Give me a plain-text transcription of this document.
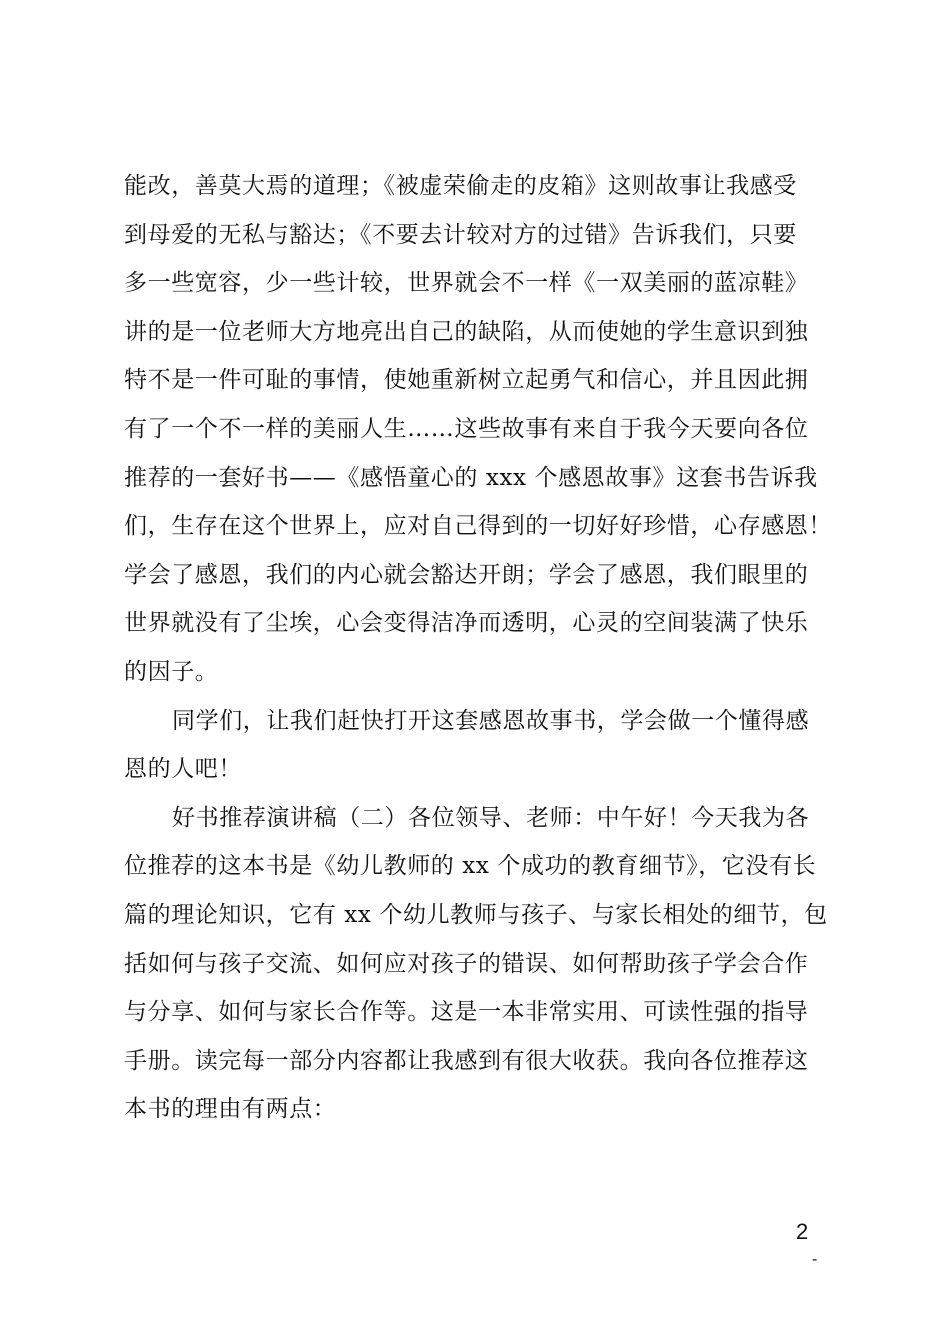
能改，善莫大焉的道理；《被虚荣偷走的皮箱》这则故事让我感受
到母爱的无私与豁达；《不要去计较对方的过错》告诉我们，只要
多一些宽容，少一些计较，世界就会不一样《一双美丽的蓝凉鞋》
讲的是一位老师大方地亮出自己的缺陷，从而使她的学生意识到独
特不是一件可耻的事情，使她重新树立起勇气和信心，并且因此拥
有了一个不一样的美丽人生……这些故事有来自于我今天要向各位
推荐的一套好书——《感悟童心的 xxx 个感恩故事》这套书告诉我
们，生存在这个世界上，应对自己得到的一切好好珍惜，心存感恩！
学会了感恩，我们的内心就会豁达开朗；学会了感恩，我们眼里的
世界就没有了尘埃，心会变得洁净而透明，心灵的空间装满了快乐
的因子。
同学们，让我们赶快打开这套感恩故事书，学会做一个懂得感
恩的人吧！
好书推荐演讲稿（二）各位领导、老师：中午好！今天我为各
位推荐的这本书是《幼儿教师的 xx 个成功的教育细节》，它没有长
篇的理论知识，它有 xx 个幼儿教师与孩子、与家长相处的细节，包
括如何与孩子交流、如何应对孩子的错误、如何帮助孩子学会合作
与分享、如何与家长合作等。这是一本非常实用、可读性强的指导
手册。读完每一部分内容都让我感到有很大收获。我向各位推荐这
本书的理由有两点：
2
-
